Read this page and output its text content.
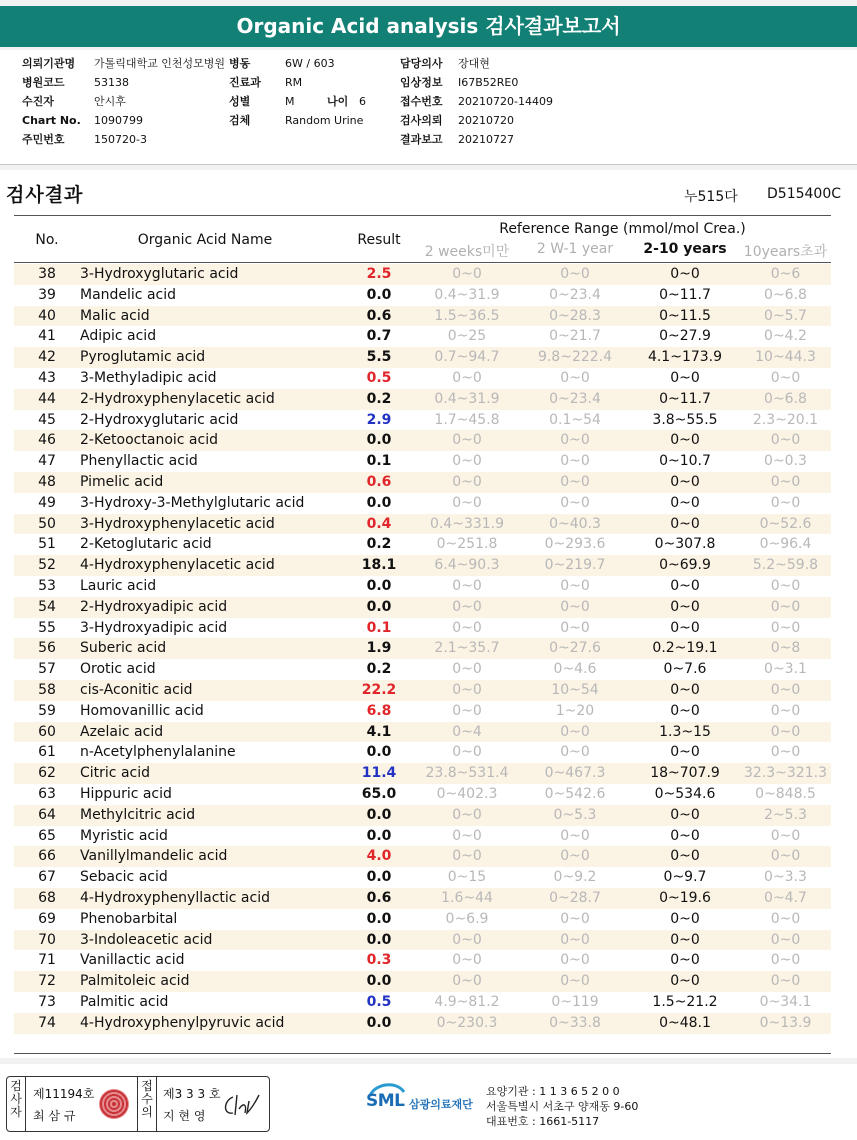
Organic Acid analysis 검사결과보고서
의뢰기관명 가톨릭대학교 인천성모병원 병동	6W / 603
병원코드	53138	진료과 RM
수진자	안시후	성별	M	나이 6
Chart No. 1090799	검체	Random Urine
주민번호	150720-3
담당의사 장대현
임상정보 I67B52RE0
접수번호 20210720-14409
검사의뢰 20210720
결과보고 20210727
검사결과	누515다 D515400C
No.	Organic Acid Name	Result
Reference Range (mmol/mol Crea.)
2 weeks미만	2 W-1 year	2-10 years	10years초과
38	3-Hydroxyglutaric acid	2.5	0~0	0~0	0~0	0~6
39	Mandelic acid	0.0	0.4~31.9	0~23.4	0~11.7	0~6.8
40	Malic acid	0.6	1.5~36.5	0~28.3	0~11.5	0~5.7
41	Adipic acid	0.7	0~25	0~21.7	0~27.9	0~4.2
42	Pyroglutamic acid	5.5	0.7~94.7	9.8~222.4	4.1~173.9	10~44.3
43	3-Methyladipic acid	0.5	0~0	0~0	0~0	0~0
44	2-Hydroxyphenylacetic acid	0.2	0.4~31.9	0~23.4	0~11.7	0~6.8
45	2-Hydroxyglutaric acid	2.9	1.7~45.8	0.1~54	3.8~55.5	2.3~20.1
46	2-Ketooctanoic acid	0.0	0~0	0~0	0~0	0~0
47	Phenyllactic acid	0.1	0~0	0~0	0~10.7	0~0.3
48	Pimelic acid	0.6	0~0	0~0	0~0	0~0
49	3-Hydroxy-3-Methylglutaric acid	0.0	0~0	0~0	0~0	0~0
50	3-Hydroxyphenylacetic acid	0.4	0.4~331.9	0~40.3	0~0	0~52.6
51	2-Ketoglutaric acid	0.2	0~251.8	0~293.6	0~307.8	0~96.4
52	4-Hydroxyphenylacetic acid	18.1	6.4~90.3	0~219.7	0~69.9	5.2~59.8
53	Lauric acid	0.0	0~0	0~0	0~0	0~0
54	2-Hydroxyadipic acid	0.0	0~0	0~0	0~0	0~0
55	3-Hydroxyadipic acid	0.1	0~0	0~0	0~0	0~0
56	Suberic acid	1.9	2.1~35.7	0~27.6	0.2~19.1	0~8
57	Orotic acid	0.2	0~0	0~4.6	0~7.6	0~3.1
58	cis-Aconitic acid	22.2	0~0	10~54	0~0	0~0
59	Homovanillic acid	6.8	0~0	1~20	0~0	0~0
60	Azelaic acid	4.1	0~4	0~0	1.3~15	0~0
61	n-Acetylphenylalanine	0.0	0~0	0~0	0~0	0~0
62	Citric acid	11.4	23.8~531.4	0~467.3	18~707.9	32.3~321.3
63	Hippuric acid	65.0	0~402.3	0~542.6	0~534.6	0~848.5
64	Methylcitric acid	0.0	0~0	0~5.3	0~0	2~5.3
65	Myristic acid	0.0	0~0	0~0	0~0	0~0
66	Vanillylmandelic acid	4.0	0~0	0~0	0~0	0~0
67	Sebacic acid	0.0	0~15	0~9.2	0~9.7	0~3.3
68	4-Hydroxyphenyllactic acid	0.6	1.6~44	0~28.7	0~19.6	0~4.7
69	Phenobarbital	0.0	0~6.9	0~0	0~0	0~0
70	3-Indoleacetic acid	0.0	0~0	0~0	0~0	0~0
71	Vanillactic acid	0.3	0~0	0~0	0~0	0~0
72	Palmitoleic acid	0.0	0~0	0~0	0~0	0~0
73	Palmitic acid	0.5	4.9~81.2	0~119	1.5~21.2	0~34.1
74	4-Hydroxyphenylpyruvic acid	0.0	0~230.3	0~33.8	0~48.1	0~13.9
검사자
제11194호
최 삼 규
접수의
제3 3 3 호
지 현 영
SML 삼광의료재단
요양기관 : 1 1 3 6 5 2 0 0
서울특별시 서초구 양재동 9-60
대표번호 : 1661-5117
